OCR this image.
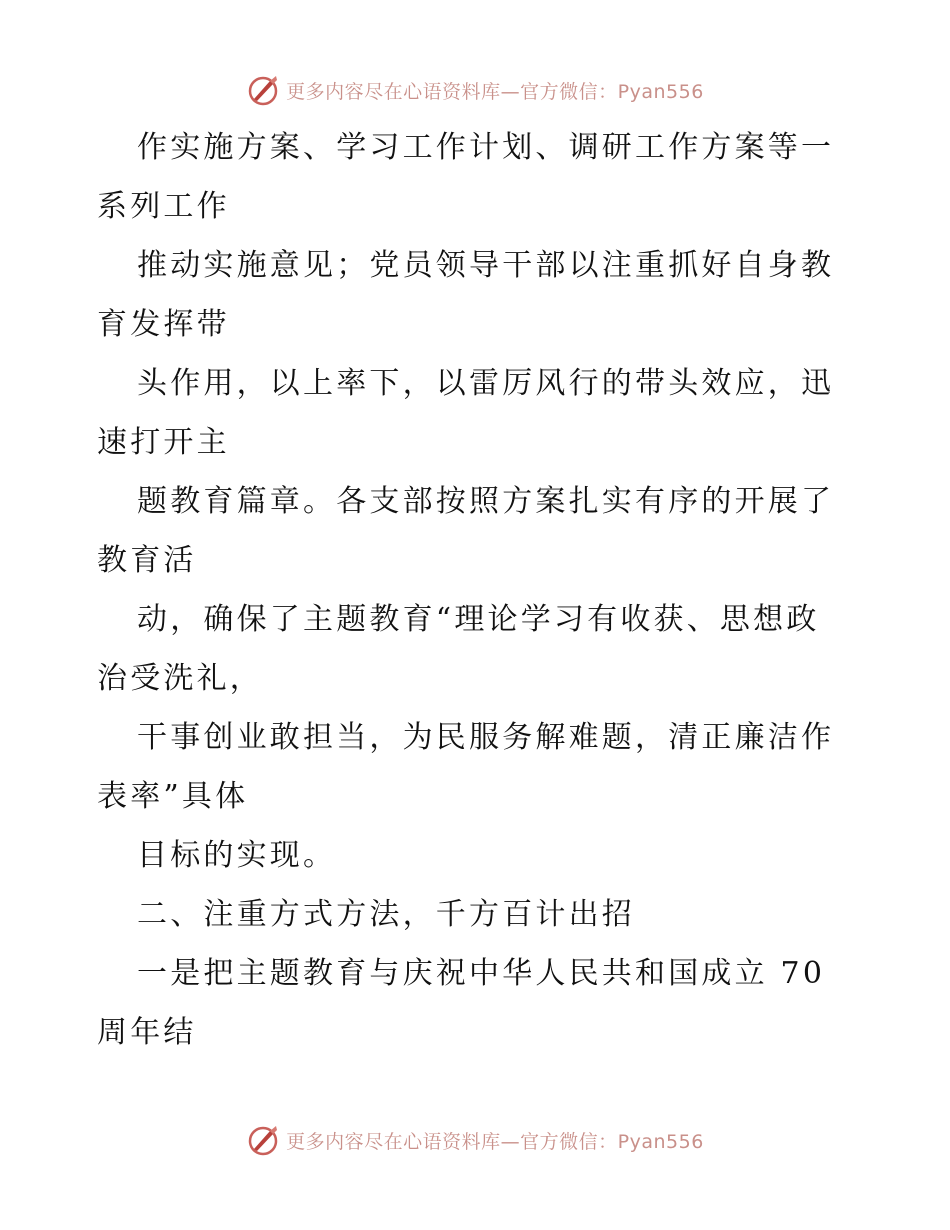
更多内容尽在心语资料库—官方微信：Pyan556
作实施方案、学习工作计划、调研工作方案等一
系列工作
推动实施意见；党员领导干部以注重抓好自身教
育发挥带
头作用，以上率下，以雷厉风行的带头效应，迅
速打开主
题教育篇章。各支部按照方案扎实有序的开展了
教育活
动，确保了主题教育“理论学习有收获、思想政
治受洗礼，
干事创业敢担当，为民服务解难题，清正廉洁作
表率”具体
目标的实现。
二、注重方式方法，千方百计出招
一是把主题教育与庆祝中华人民共和国成立 70
周年结
更多内容尽在心语资料库—官方微信：Pyan556
